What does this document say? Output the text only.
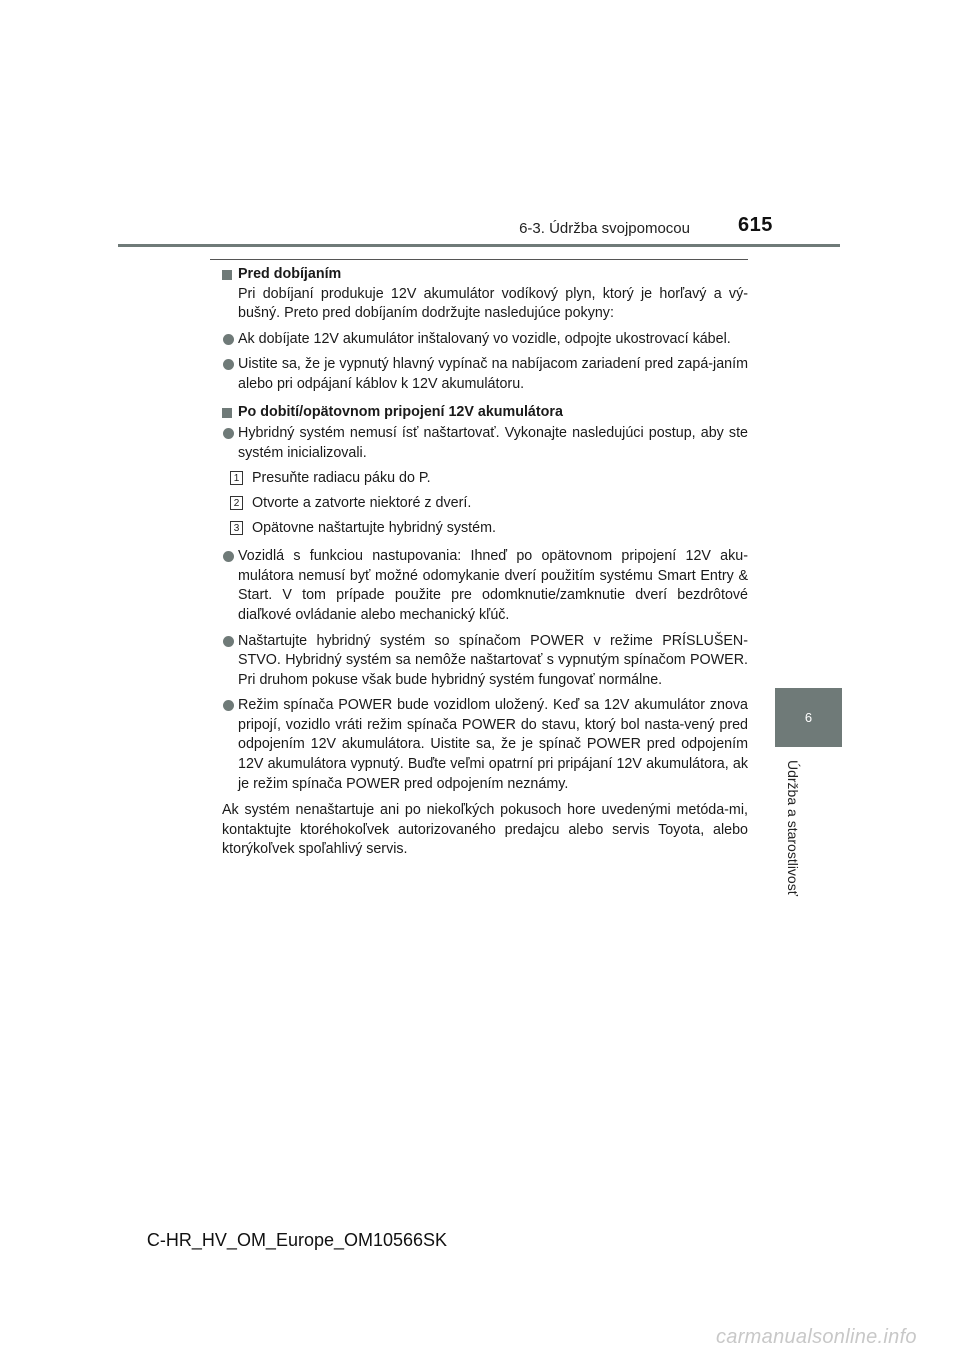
6-3. Údržba svojpomocou 615
6
Údržba a starostlivosť
Pred dobíjaním

Pri dobíjaní produkuje 12V akumulátor vodíkový plyn, ktorý je horľavý a vý-bušný. Preto pred dobíjaním dodržujte nasledujúce pokyny:

Ak dobíjate 12V akumulátor inštalovaný vo vozidle, odpojte ukostrovací kábel.
Uistite sa, že je vypnutý hlavný vypínač na nabíjacom zariadení pred zapá-janím alebo pri odpájaní káblov k 12V akumulátoru.
Po dobití/opätovnom pripojení 12V akumulátora
Hybridný systém nemusí ísť naštartovať. Vykonajte nasledujúci postup, aby ste systém inicializovali.
1 Presuňte radiacu páku do P.
2 Otvorte a zatvorte niektoré z dverí.
3 Opätovne naštartujte hybridný systém.
Vozidlá s funkciou nastupovania: Ihneď po opätovnom pripojení 12V aku-mulátora nemusí byť možné odomykanie dverí použitím systému Smart Entry & Start. V tom prípade použite pre odomknutie/zamknutie dverí bezdrôtové diaľkové ovládanie alebo mechanický kľúč.
Naštartujte hybridný systém so spínačom POWER v režime PRÍSLUŠEN-STVO. Hybridný systém sa nemôže naštartovať s vypnutým spínačom POWER. Pri druhom pokuse však bude hybridný systém fungovať normálne.
Režim spínača POWER bude vozidlom uložený. Keď sa 12V akumulátor znova pripojí, vozidlo vráti režim spínača POWER do stavu, ktorý bol nasta-vený pred odpojením 12V akumulátora. Uistite sa, že je spínač POWER pred odpojením 12V akumulátora vypnutý. Buďte veľmi opatrní pri pripájaní 12V akumulátora, ak je režim spínača POWER pred odpojením neznámy.

Ak systém nenaštartuje ani po niekoľkých pokusoch hore uvedenými metóda-mi, kontaktujte ktoréhokoľvek autorizovaného predajcu alebo servis Toyota, alebo ktorýkoľvek spoľahlivý servis.

C-HR_HV_OM_Europe_OM10566SK
carmanualsonline.info
